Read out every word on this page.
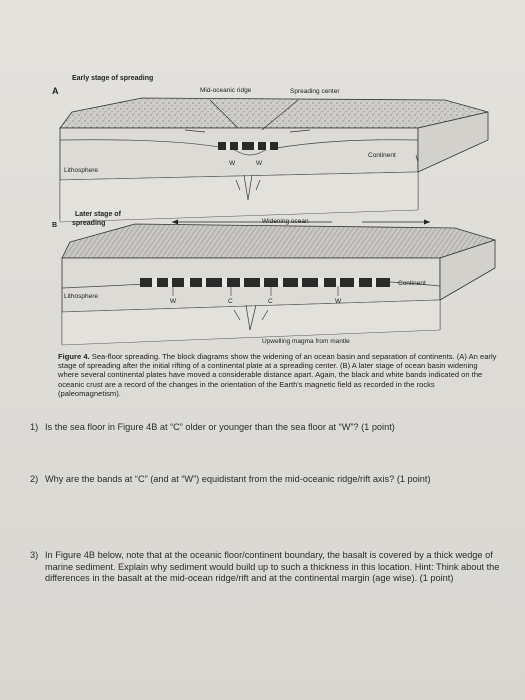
A
Early stage of spreading
Mid-oceanic ridge	Spreading center
Continent
Lithosphere
W	W
B
Later stage of
spreading	Widening ocean
Continent
Lithosphere
W	C	C	W
Upwelling magma from mantle
Figure 4. Sea-floor spreading. The block diagrams show the widening of an ocean basin and separation of continents. (A) An early stage of spreading after the initial rifting of a continental plate at a spreading center. (B) A later stage of ocean basin widening where several continental plates have moved a considerable distance apart. Again, the black and white bands indicated on the oceanic crust are a record of the changes in the orientation of the Earth's magnetic field as recorded in the rocks (paleomagnetism).
1) Is the sea floor in Figure 4B at “C” older or younger than the sea floor at “W”? (1 point)
2) Why are the bands at “C” (and at “W”) equidistant from the mid-oceanic ridge/rift axis? (1 point)
3) In Figure 4B below, note that at the oceanic floor/continent boundary, the basalt is covered by a thick wedge of marine sediment. Explain why sediment would build up to such a thickness in this location. Hint: Think about the differences in the basalt at the mid-ocean ridge/rift and at the continental margin (age wise). (1 point)
